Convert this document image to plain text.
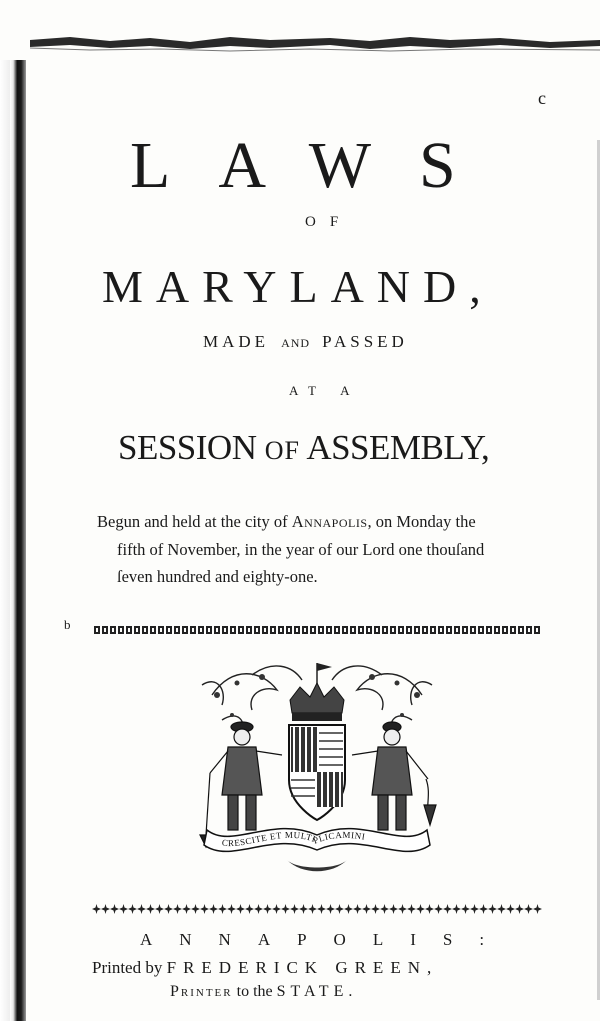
c
LAWS
OF
MARYLAND,
MADE AND PASSED
AT A
SESSION OF ASSEMBLY,
Begun and held at the city of Annapolis, on Monday the
fifth of November, in the year of our Lord one thouſand
ſeven hundred and eighty-one.
b
CRESCITE ET MULTIPLICAMINI
ANNAPOLIS:
Printed by FREDERICK GREEN,
Printer to the STATE.
